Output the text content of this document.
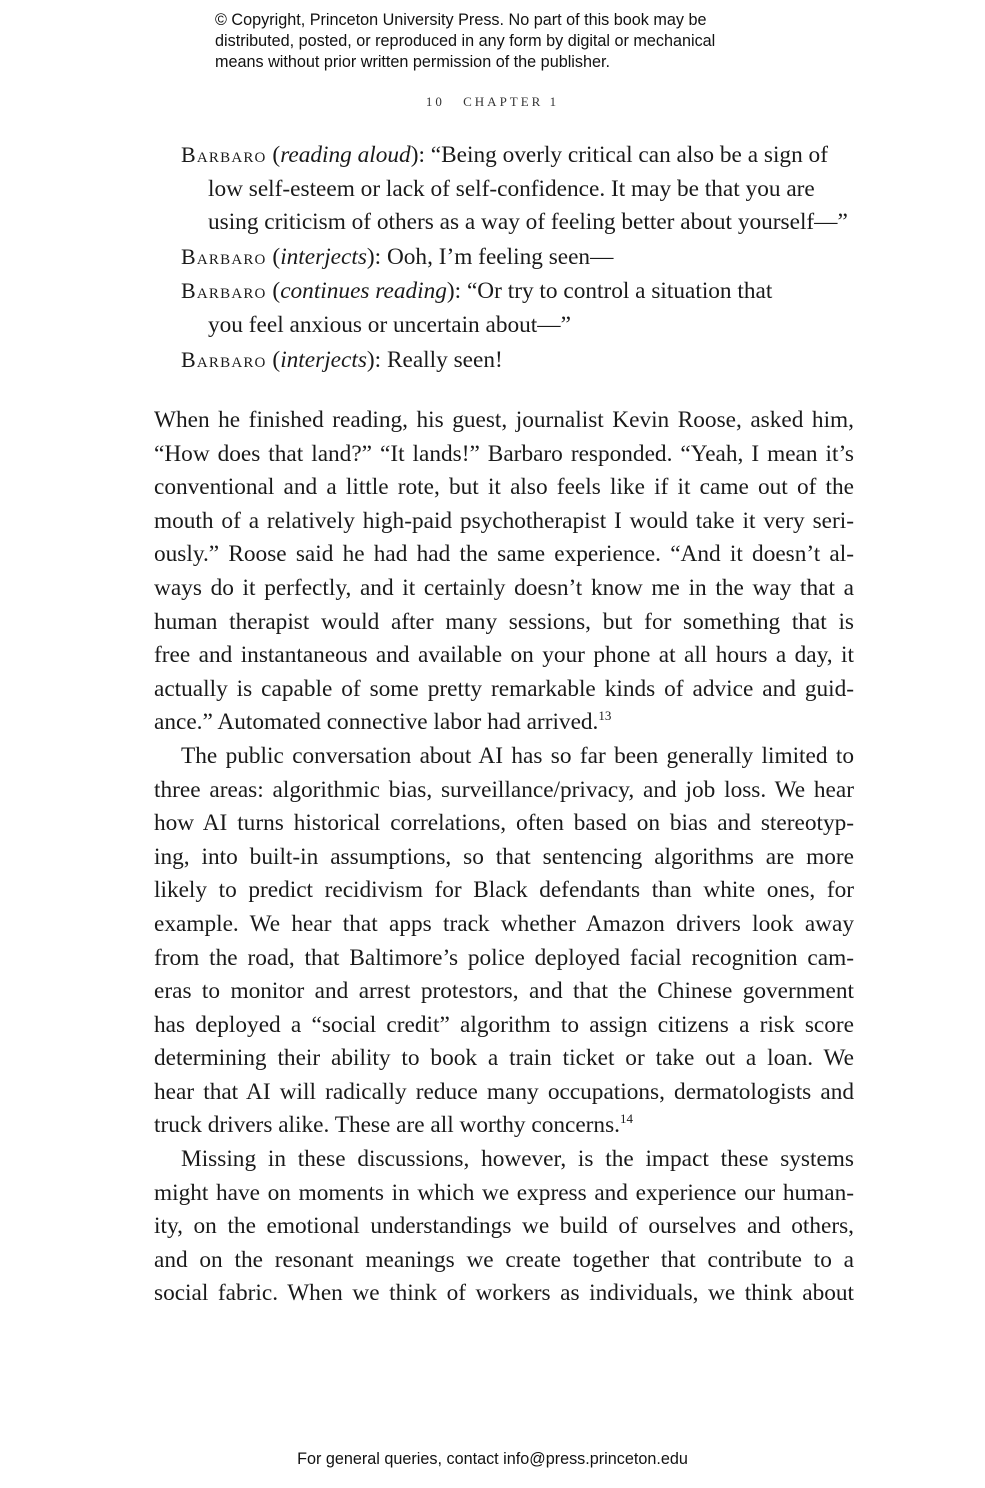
© Copyright, Princeton University Press. No part of this book may be
distributed, posted, or reproduced in any form by digital or mechanical
means without prior written permission of the publisher.
10 CHAPTER 1
Barbaro (reading aloud): “Being overly critical can also be a sign of
low self-esteem or lack of self-confidence. It may be that you are
using criticism of others as a way of feeling better about yourself—”
Barbaro (interjects): Ooh, I’m feeling seen—
Barbaro (continues reading): “Or try to control a situation that
you feel anxious or uncertain about—”
Barbaro (interjects): Really seen!
When he finished reading, his guest, journalist Kevin Roose, asked him,
“How does that land?” “It lands!” Barbaro responded. “Yeah, I mean it’s
conventional and a little rote, but it also feels like if it came out of the
mouth of a relatively high-paid psychotherapist I would take it very seri-
ously.” Roose said he had had the same experience. “And it doesn’t al-
ways do it perfectly, and it certainly doesn’t know me in the way that a
human therapist would after many sessions, but for something that is
free and instantaneous and available on your phone at all hours a day, it
actually is capable of some pretty remarkable kinds of advice and guid-
ance.” Automated connective labor had arrived.$^{13}$
The public conversation about AI has so far been generally limited to
three areas: algorithmic bias, surveillance/privacy, and job loss. We hear
how AI turns historical correlations, often based on bias and stereotyp-
ing, into built-in assumptions, so that sentencing algorithms are more
likely to predict recidivism for Black defendants than white ones, for
example. We hear that apps track whether Amazon drivers look away
from the road, that Baltimore’s police deployed facial recognition cam-
eras to monitor and arrest protestors, and that the Chinese government
has deployed a “social credit” algorithm to assign citizens a risk score
determining their ability to book a train ticket or take out a loan. We
hear that AI will radically reduce many occupations, dermatologists and
truck drivers alike. These are all worthy concerns.$^{14}$
Missing in these discussions, however, is the impact these systems
might have on moments in which we express and experience our human-
ity, on the emotional understandings we build of ourselves and others,
and on the resonant meanings we create together that contribute to a
social fabric. When we think of workers as individuals, we think about
For general queries, contact info@press.princeton.edu
